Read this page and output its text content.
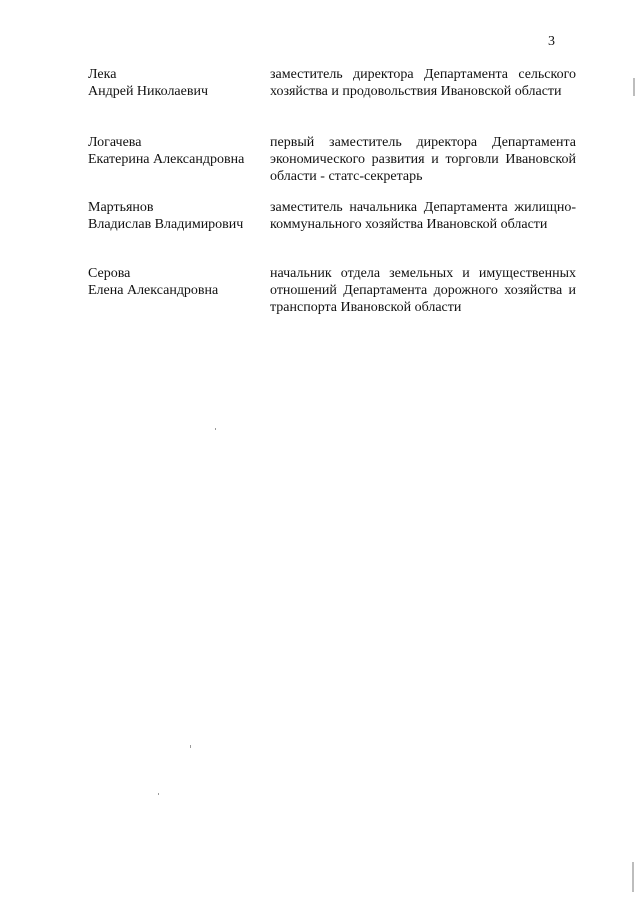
3
Лека
Андрей Николаевич
заместитель директора Департамента сельского хозяйства и продовольствия Ивановской области
Логачева
Екатерина Александровна
первый заместитель директора Департамента экономического развития и торговли Ивановской области - статс-секретарь
Мартьянов
Владислав Владимирович
заместитель начальника Департамента жилищно-коммунального хозяйства Ивановской области
Серова
Елена Александровна
начальник отдела земельных и имущественных отношений Департамента дорожного хозяйства и транспорта Ивановской области
